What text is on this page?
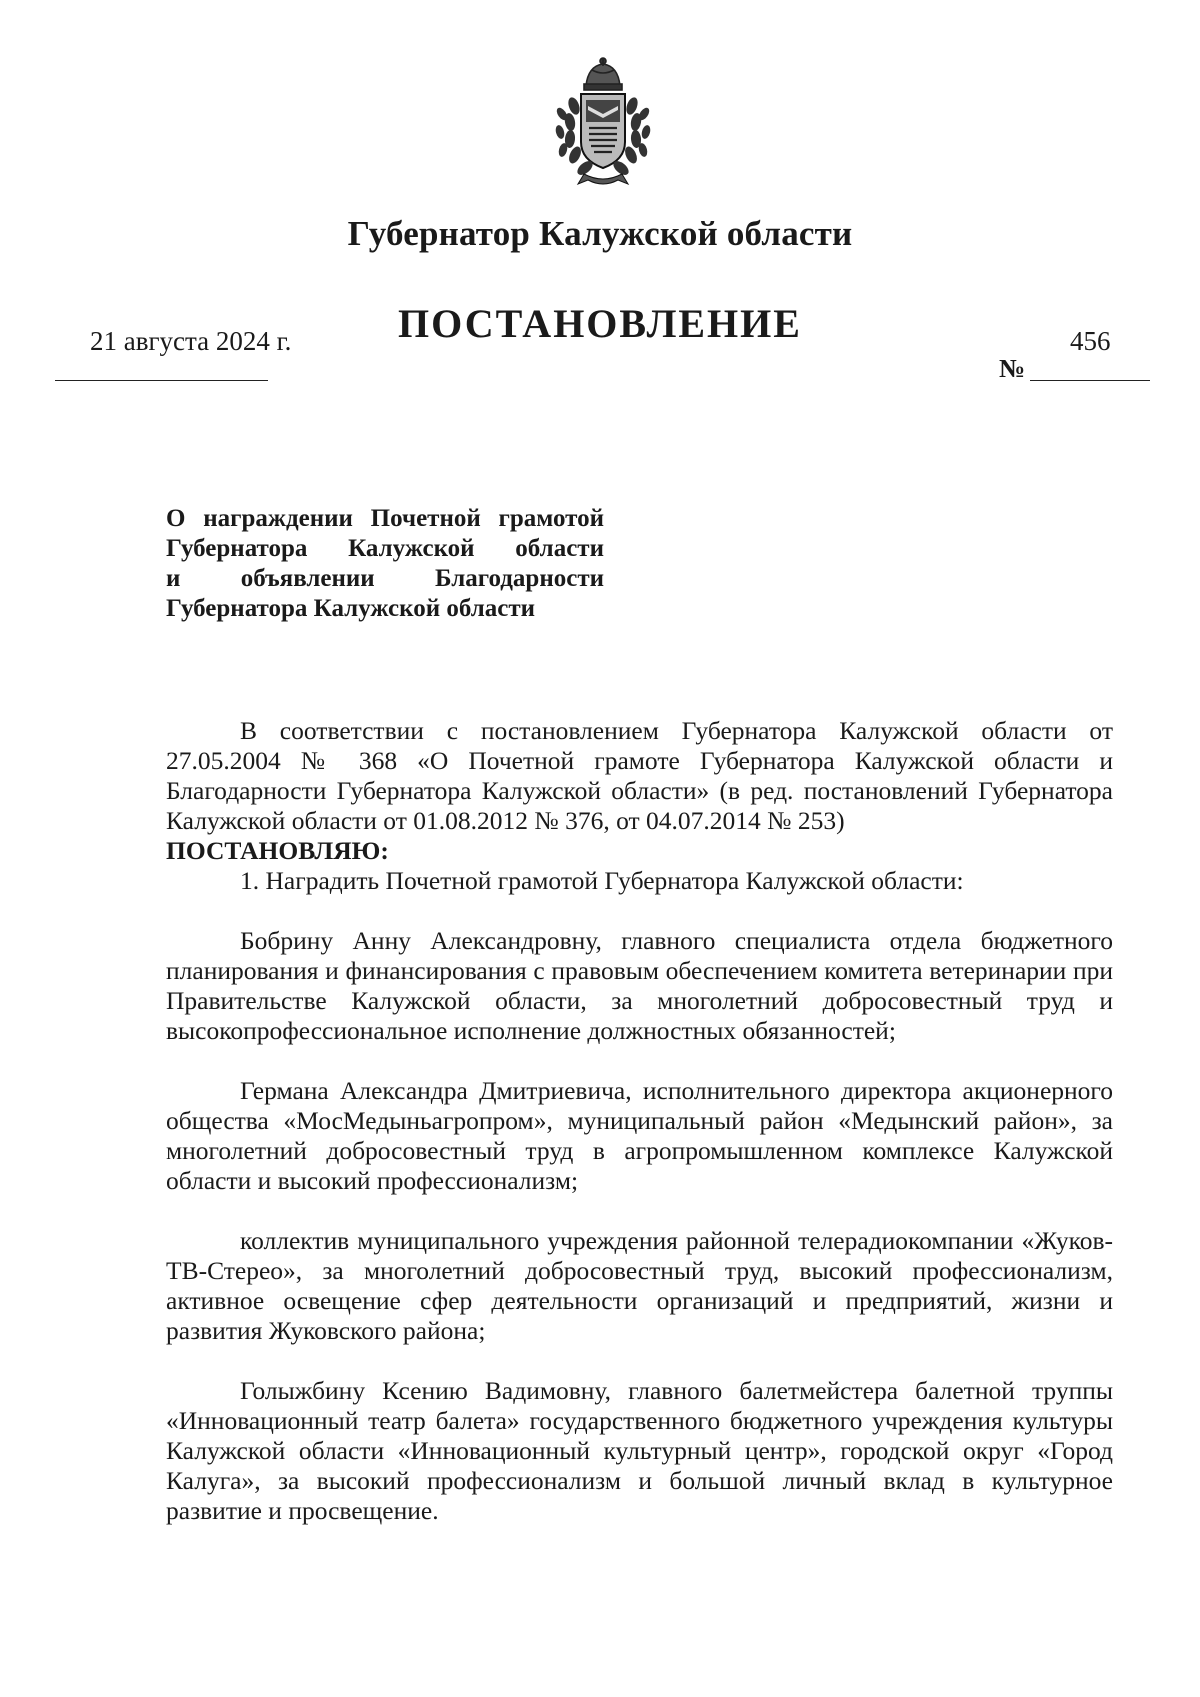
Губернатор Калужской области
ПОСТАНОВЛЕНИЕ
21 августа 2024 г.	456
№
О награждении Почетной грамотой
Губернатора Калужской области
и объявлении Благодарности
Губернатора Калужской области

В соответствии с постановлением Губернатора Калужской области от 27.05.2004 № 368 «О Почетной грамоте Губернатора Калужской области и Благодарности Губернатора Калужской области» (в ред. постановлений Губернатора Калужской области от 01.08.2012 № 376, от 04.07.2014 № 253)

ПОСТАНОВЛЯЮ:

1. Наградить Почетной грамотой Губернатора Калужской области:

Бобрину Анну Александровну, главного специалиста отдела бюджетного планирования и финансирования с правовым обеспечением комитета ветеринарии при Правительстве Калужской области, за многолетний добросовестный труд и высокопрофессиональное исполнение должностных обязанностей;

Германа Александра Дмитриевича, исполнительного директора акционерного общества «МосМедыньагропром», муниципальный район «Медынский район», за многолетний добросовестный труд в агропромышленном комплексе Калужской области и высокий профессионализм;

коллектив муниципального учреждения районной телерадиокомпании «Жуков-ТВ-Стерео», за многолетний добросовестный труд, высокий профессионализм, активное освещение сфер деятельности организаций и предприятий, жизни и развития Жуковского района;

Голыжбину Ксению Вадимовну, главного балетмейстера балетной труппы «Инновационный театр балета» государственного бюджетного учреждения культуры Калужской области «Инновационный культурный центр», городской округ «Город Калуга», за высокий профессионализм и большой личный вклад в культурное развитие и просвещение.
